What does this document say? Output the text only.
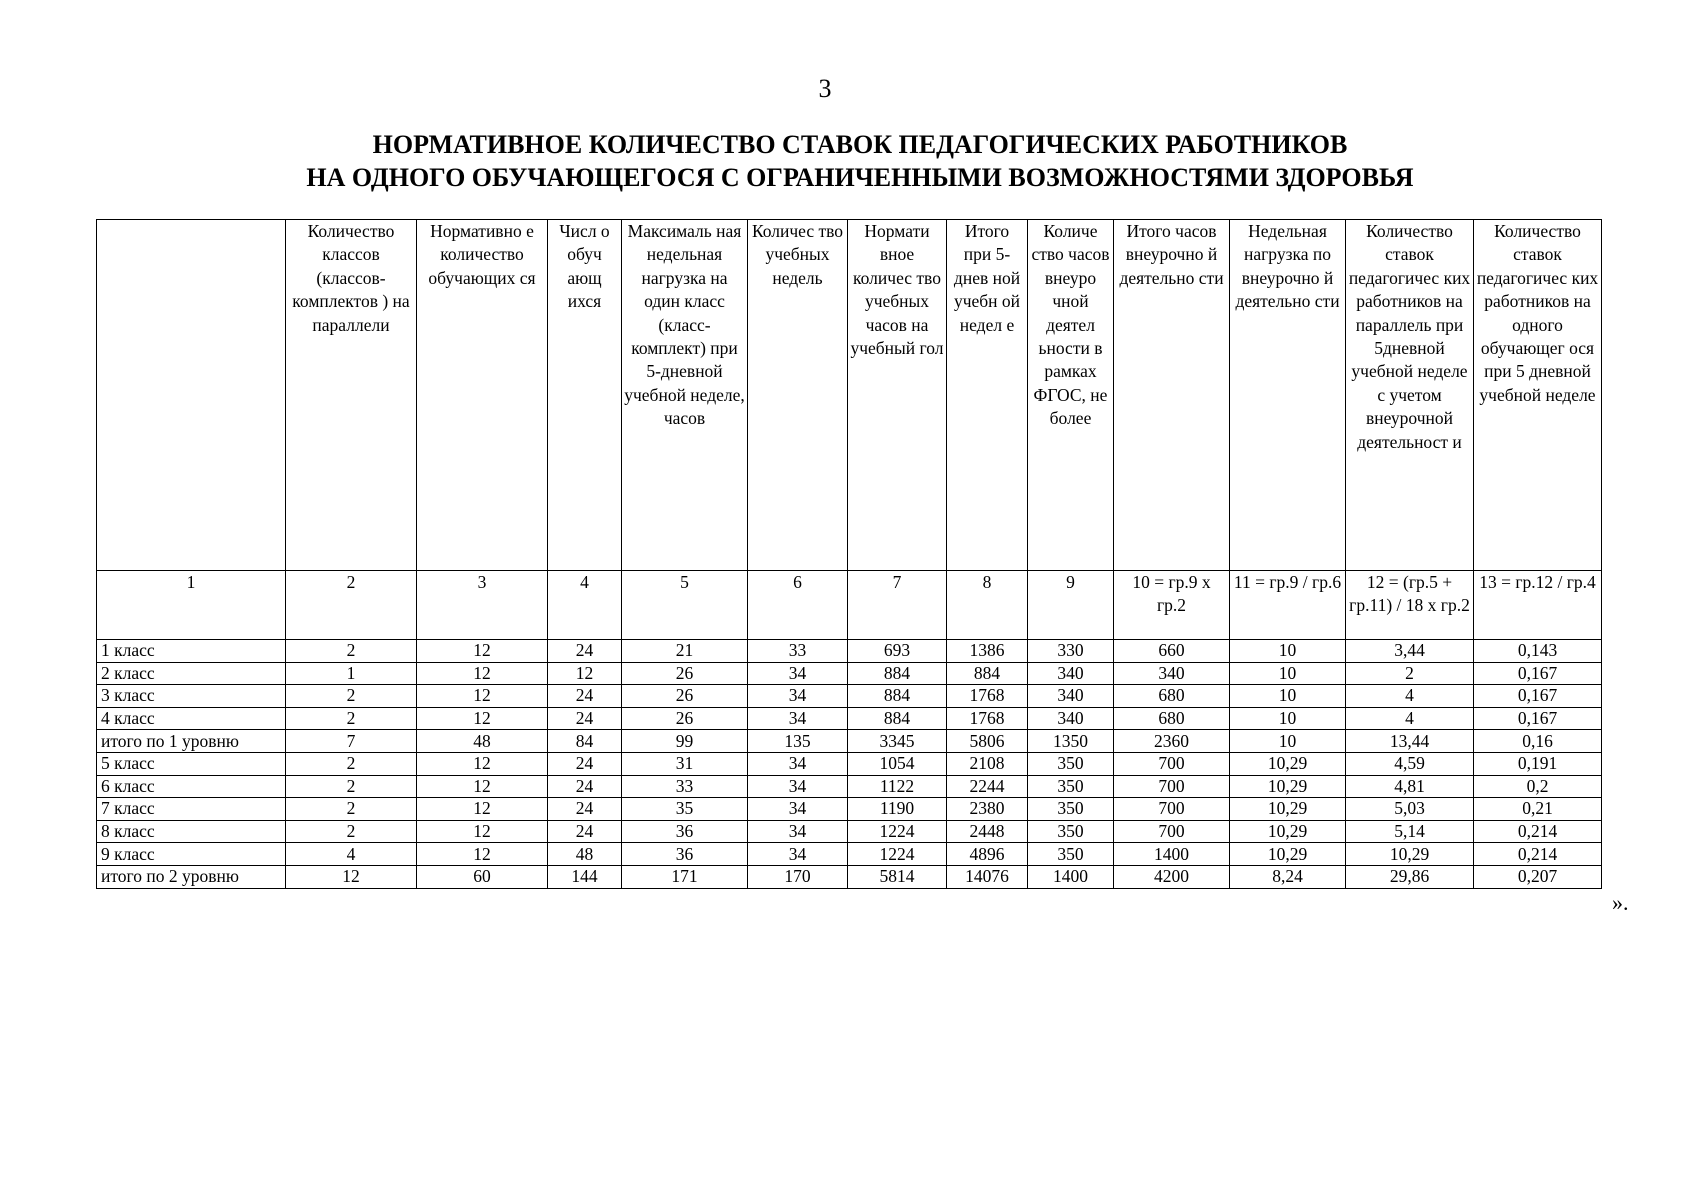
3
НОРМАТИВНОЕ КОЛИЧЕСТВО СТАВОК ПЕДАГОГИЧЕСКИХ РАБОТНИКОВ
НА ОДНОГО ОБУЧАЮЩЕГОСЯ С ОГРАНИЧЕННЫМИ ВОЗМОЖНОСТЯМИ ЗДОРОВЬЯ
	Количество классов (классов-комплектов ) на параллели	Нормативно е количество обучающих ся	Числ о обуч ающ ихся	Максималь ная недельная нагрузка на один класс (класс-комплект) при 5-дневной учебной неделе, часов	Количес тво учебных недель	Нормати вное количес тво учебных часов на учебный гол	Итого при 5-днев ной учебн ой недел е	Количе ство часов внеуро чной деятел ьности в рамках ФГОС, не более	Итого часов внеурочно й деятельно сти	Недельная нагрузка по внеурочно й деятельно сти	Количество ставок педагогичес ких работников на параллель при 5дневной учебной неделе с учетом внеурочной деятельност и	Количество ставок педагогичес ких работников на одного обучающег ося при 5 дневной учебной неделе
1	2	3	4	5	6	7	8	9	10 = гр.9 х гр.2	11 = гр.9 / гр.6	12 = (гр.5 + гр.11) / 18 х гр.2	13 = гр.12 / гр.4
1 класс	2	12	24	21	33	693	1386	330	660	10	3,44	0,143
2 класс	1	12	12	26	34	884	884	340	340	10	2	0,167
3 класс	2	12	24	26	34	884	1768	340	680	10	4	0,167
4 класс	2	12	24	26	34	884	1768	340	680	10	4	0,167
итого по 1 уровню	7	48	84	99	135	3345	5806	1350	2360	10	13,44	0,16
5 класс	2	12	24	31	34	1054	2108	350	700	10,29	4,59	0,191
6 класс	2	12	24	33	34	1122	2244	350	700	10,29	4,81	0,2
7 класс	2	12	24	35	34	1190	2380	350	700	10,29	5,03	0,21
8 класс	2	12	24	36	34	1224	2448	350	700	10,29	5,14	0,214
9 класс	4	12	48	36	34	1224	4896	350	1400	10,29	10,29	0,214
итого по 2 уровню	12	60	144	171	170	5814	14076	1400	4200	8,24	29,86	0,207
».
